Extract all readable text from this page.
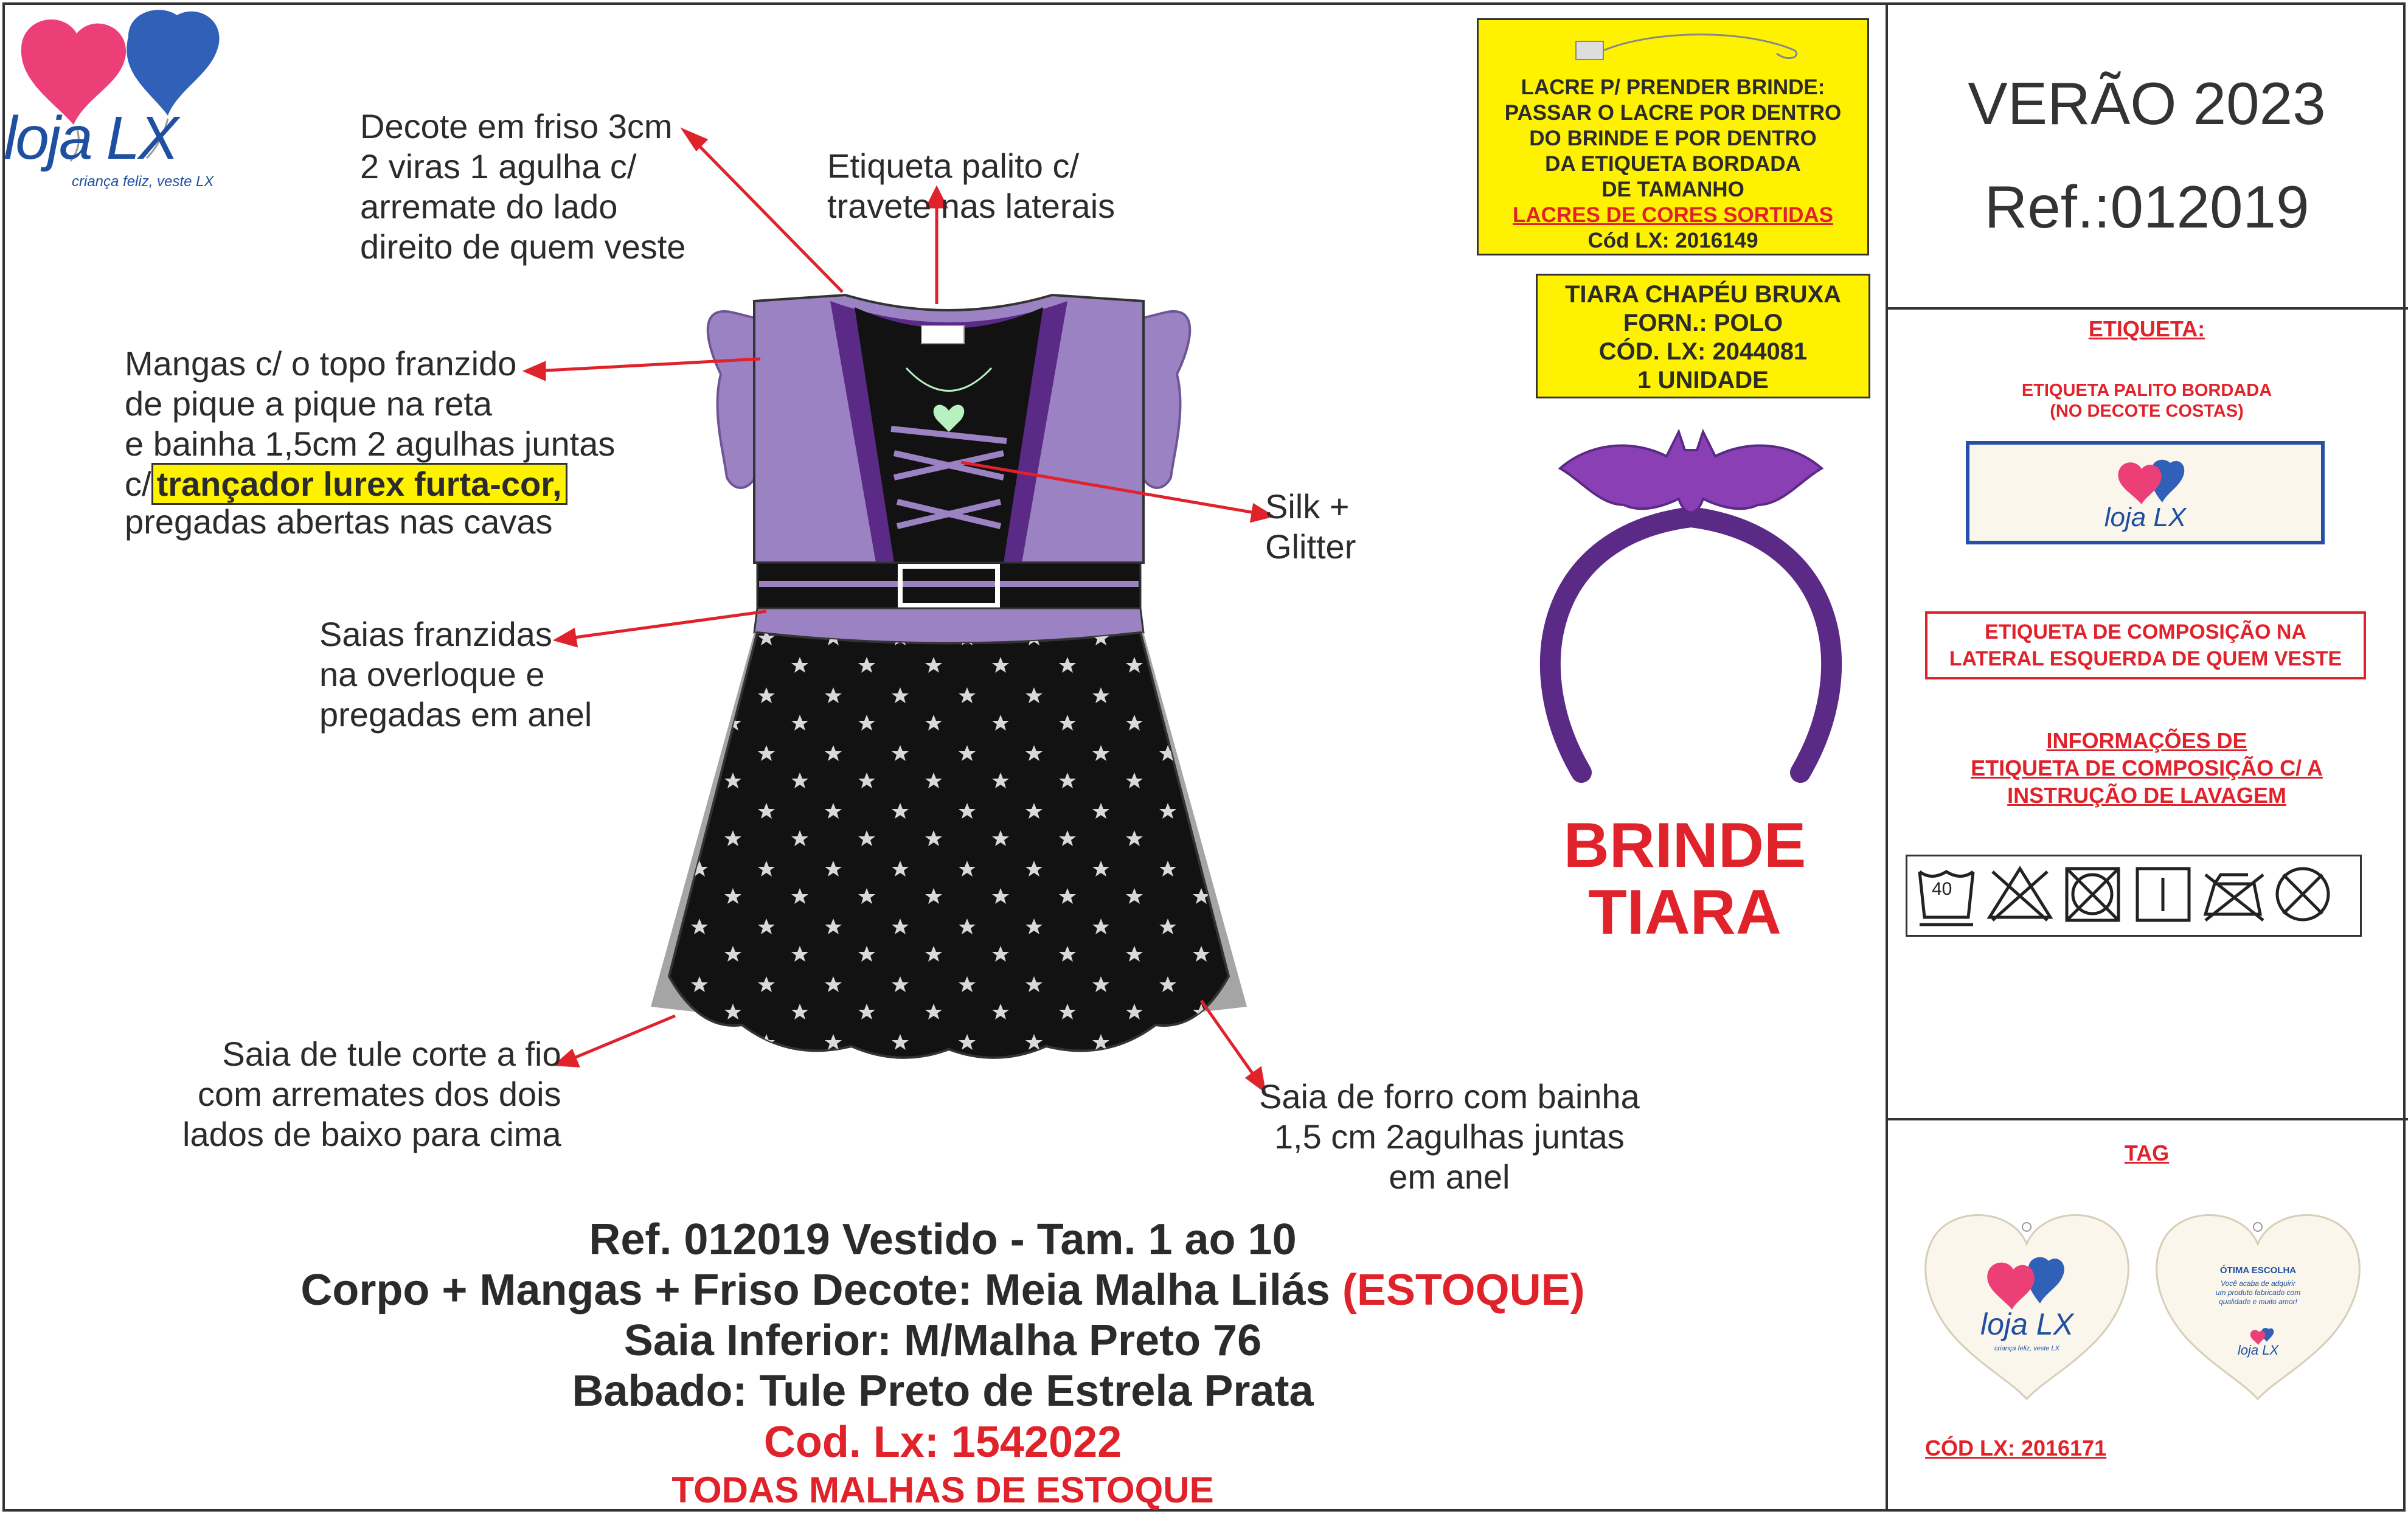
loja LX
criança feliz, veste LX
Decote em friso 3cm
2 viras 1 agulha c/
arremate do lado
direito de quem veste
Etiqueta palito c/
travete nas laterais
Mangas c/ o topo franzido
de pique a pique na reta
e bainha 1,5cm 2 agulhas juntas
c/ trançador lurex furta-cor,
pregadas abertas nas cavas	Silk +
Glitter
Saias franzidas
na overloque e
pregadas em anel
Saia de tule corte a fio
com arremates dos dois
lados de baixo para cima
Saia de forro com bainha
1,5 cm 2agulhas juntas
em anel
LACRE P/ PRENDER BRINDE:
PASSAR O LACRE POR DENTRO
DO BRINDE E POR DENTRO
DA ETIQUETA BORDADA
DE TAMANHO
LACRES DE CORES SORTIDAS
Cód LX: 2016149
TIARA CHAPÉU BRUXA
FORN.: POLO
CÓD. LX: 2044081
1 UNIDADE
BRINDE
TIARA
VERÃO 2023
Ref.:012019
ETIQUETA:
ETIQUETA PALITO BORDADA
(NO DECOTE COSTAS)
loja LX
ETIQUETA DE COMPOSIÇÃO NA
LATERAL ESQUERDA DE QUEM VESTE
INFORMAÇÕES DE
ETIQUETA DE COMPOSIÇÃO C/ A
INSTRUÇÃO DE LAVAGEM
40
TAG
loja LX
criança feliz, veste LX
ÓTIMA ESCOLHA
Você acaba de adquirir
um produto fabricado com
qualidade e muito amor!
loja LX
CÓD LX: 2016171
Ref. 012019 Vestido - Tam. 1 ao 10
Corpo + Mangas + Friso Decote: Meia Malha Lilás (ESTOQUE)
Saia Inferior: M/Malha Preto 76
Babado: Tule Preto de Estrela Prata
Cod. Lx: 1542022
TODAS MALHAS DE ESTOQUE
